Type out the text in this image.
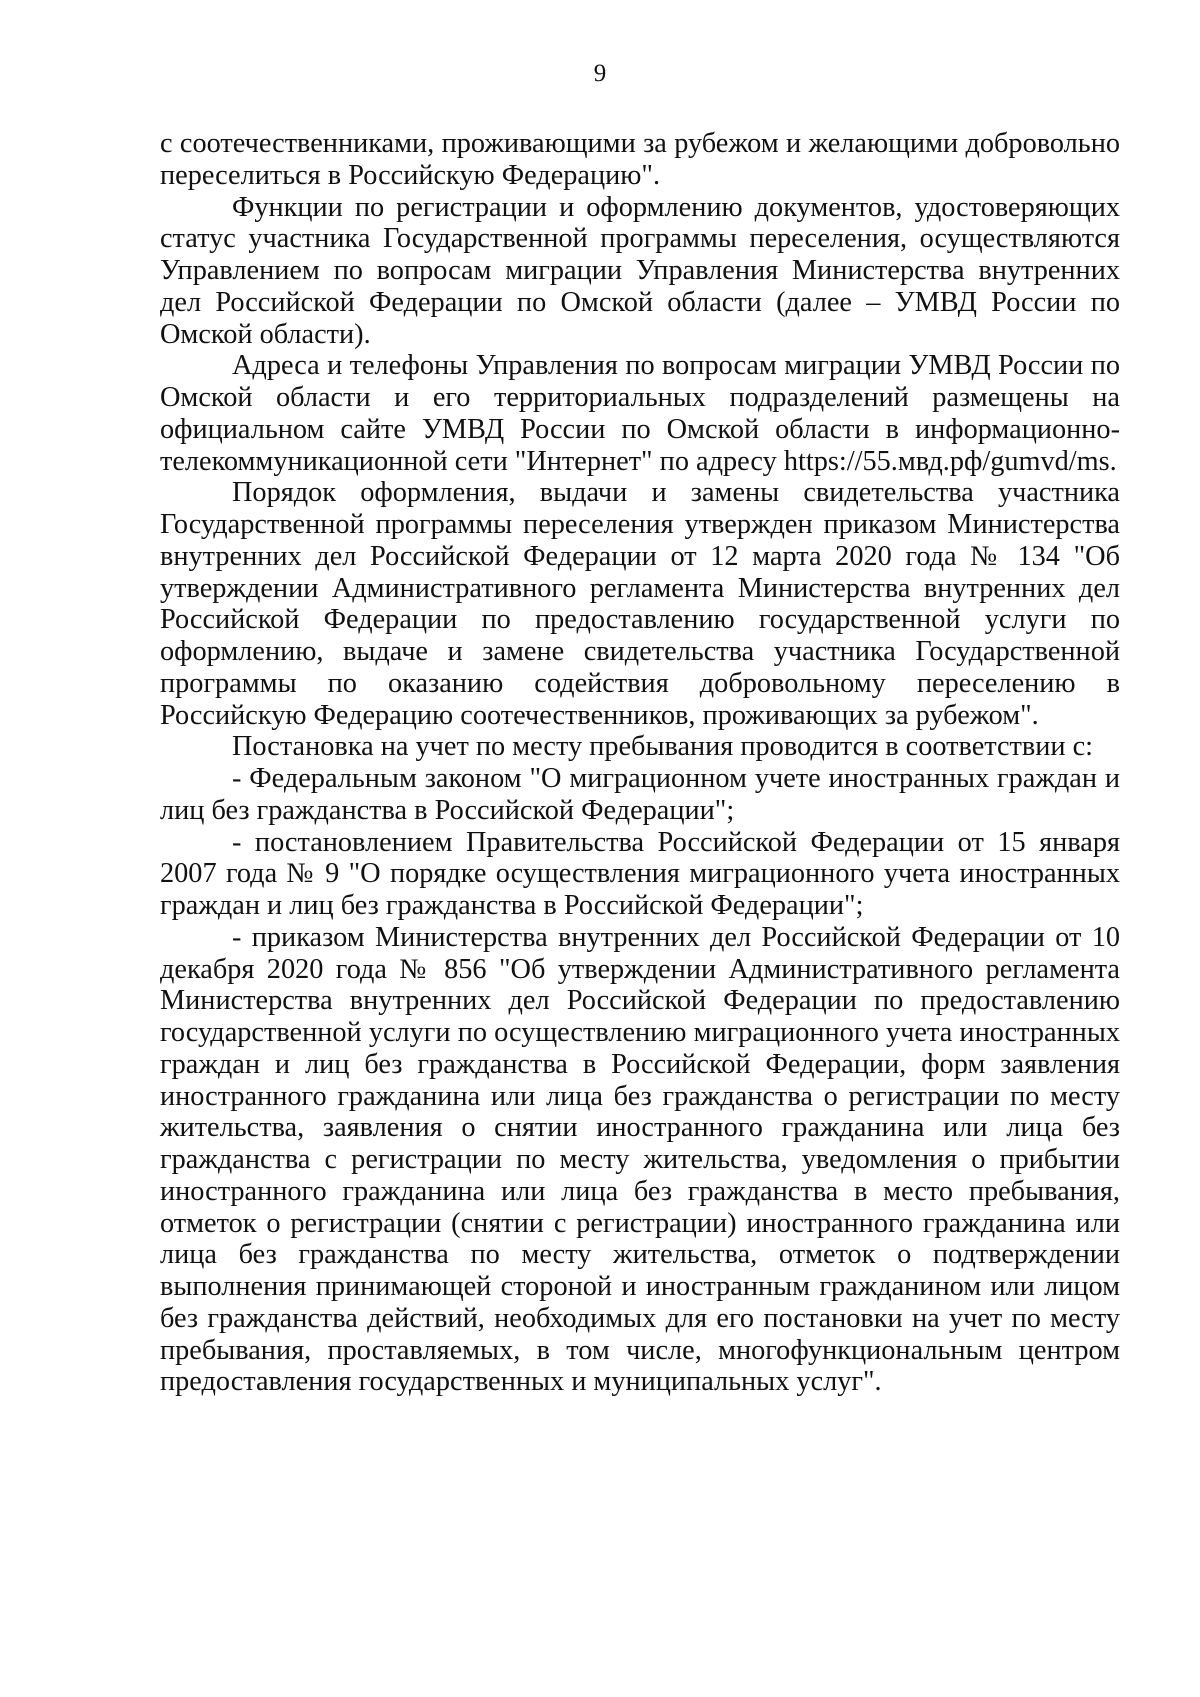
9

с соотечественниками, проживающими за рубежом и желающими добровольно переселиться в Российскую Федерацию".

Функции по регистрации и оформлению документов, удостоверяющих статус участника Государственной программы переселения, осуществляются Управлением по вопросам миграции Управления Министерства внутренних дел Российской Федерации по Омской области (далее – УМВД России по Омской области).

Адреса и телефоны Управления по вопросам миграции УМВД России по Омской области и его территориальных подразделений размещены на официальном сайте УМВД России по Омской области в информационно-телекоммуникационной сети "Интернет" по адресу https://55.мвд.рф/gumvd/ms.

Порядок оформления, выдачи и замены свидетельства участника Государственной программы переселения утвержден приказом Министерства внутренних дел Российской Федерации от 12 марта 2020 года № 134 "Об утверждении Административного регламента Министерства внутренних дел Российской Федерации по предоставлению государственной услуги по оформлению, выдаче и замене свидетельства участника Государственной программы по оказанию содействия добровольному переселению в Российскую Федерацию соотечественников, проживающих за рубежом".

Постановка на учет по месту пребывания проводится в соответствии с:

- Федеральным законом "О миграционном учете иностранных граждан и лиц без гражданства в Российской Федерации";

- постановлением Правительства Российской Федерации от 15 января 2007 года № 9 "О порядке осуществления миграционного учета иностранных граждан и лиц без гражданства в Российской Федерации";

- приказом Министерства внутренних дел Российской Федерации от 10 декабря 2020 года № 856 "Об утверждении Административного регламента Министерства внутренних дел Российской Федерации по предоставлению государственной услуги по осуществлению миграционного учета иностранных граждан и лиц без гражданства в Российской Федерации, форм заявления иностранного гражданина или лица без гражданства о регистрации по месту жительства, заявления о снятии иностранного гражданина или лица без гражданства с регистрации по месту жительства, уведомления о прибытии иностранного гражданина или лица без гражданства в место пребывания, отметок о регистрации (снятии с регистрации) иностранного гражданина или лица без гражданства по месту жительства, отметок о подтверждении выполнения принимающей стороной и иностранным гражданином или лицом без гражданства действий, необходимых для его постановки на учет по месту пребывания, проставляемых, в том числе, многофункциональным центром предоставления государственных и муниципальных услуг".
